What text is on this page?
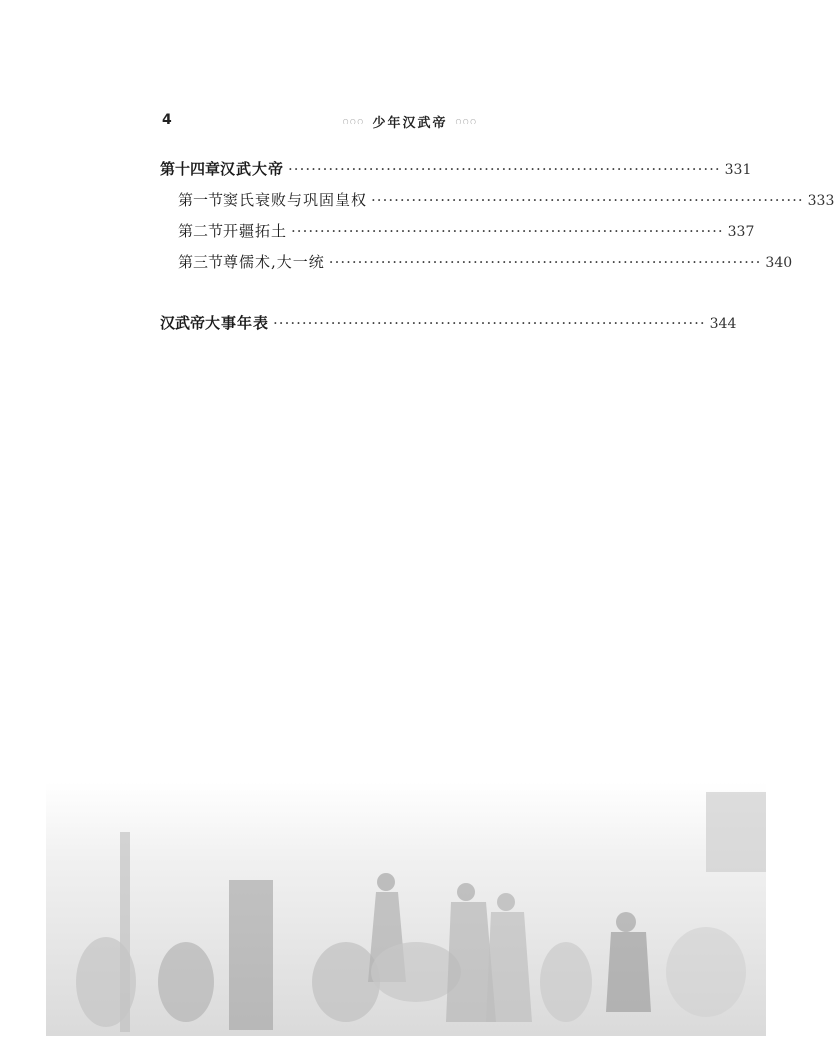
4	ဂဂဂ 少年汉武帝 ဂဂဂ
第十四章 汉武大帝 ··········································································· 331
第一节 窦氏衰败与巩固皇权 ··········································································· 333
第二节 开疆拓土 ··········································································· 337
第三节 尊儒术,大一统 ··········································································· 340
汉武帝 大事年表 ··········································································· 344
